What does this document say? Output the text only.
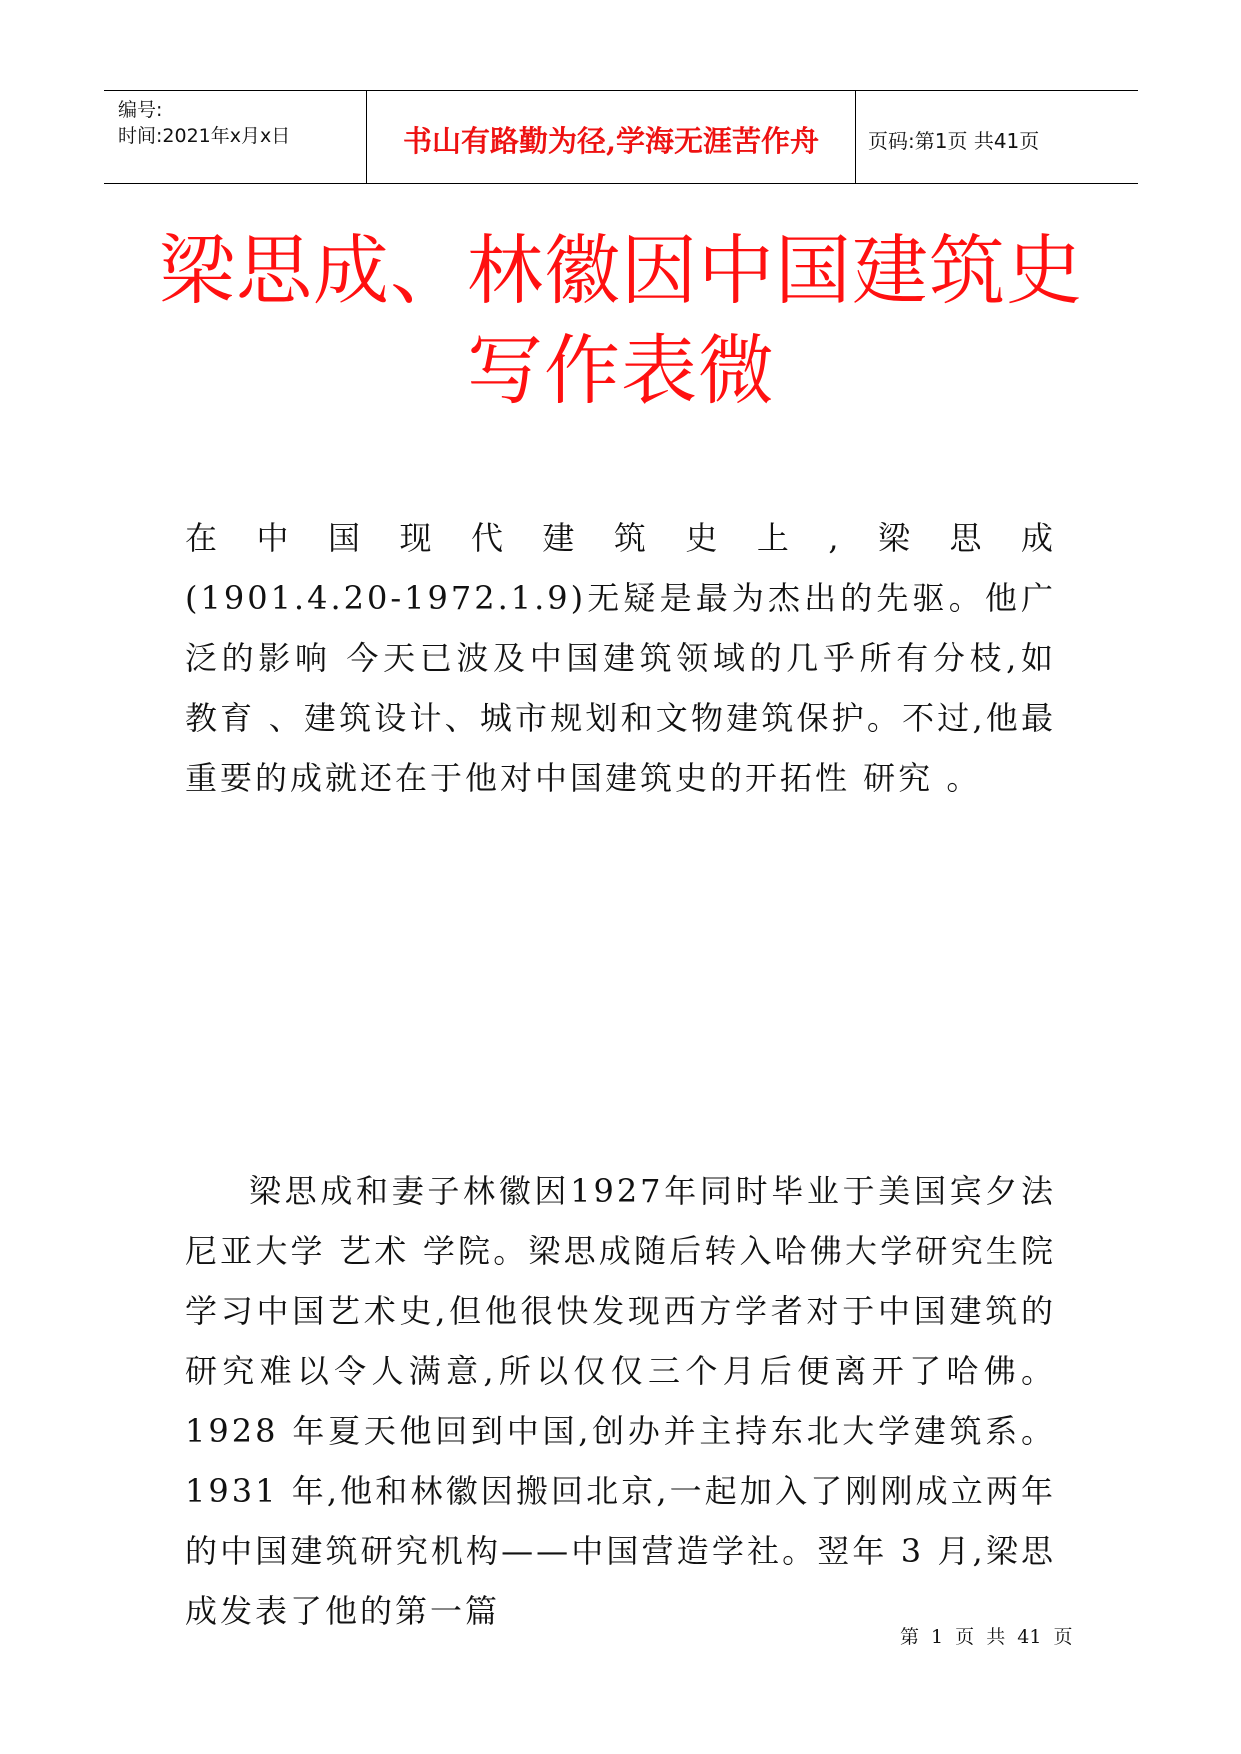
编号:
时间:2021年x月x日	书山有路勤为径,学海无涯苦作舟	页码:第1页 共41页
梁思成、林徽因中国建筑史
写作表微
在 中 国 现 代 建 筑 史 上 , 梁 思 成
(1901.4.20-1972.1.9)无疑是最为杰出的先驱。他广泛的影响 今天已波及中国建筑领域的几乎所有分枝,如 教育 、建筑设计、城市规划和文物建筑保护。不过,他最重要的成就还在于他对中国建筑史的开拓性 研究 。
梁思成和妻子林徽因1927年同时毕业于美国宾夕法尼亚大学 艺术 学院。梁思成随后转入哈佛大学研究生院 学习中国艺术史,但他很快发现西方学者对于中国建筑的研究难以令人满意,所以仅仅三个月后便离开了哈佛。1928 年夏天他回到中国,创办并主持东北大学建筑系。1931 年,他和林徽因搬回北京,一起加入了刚刚成立两年的中国建筑研究机构——中国营造学社。翌年 3 月,梁思成发表了他的第一篇
第 1 页 共 41 页
